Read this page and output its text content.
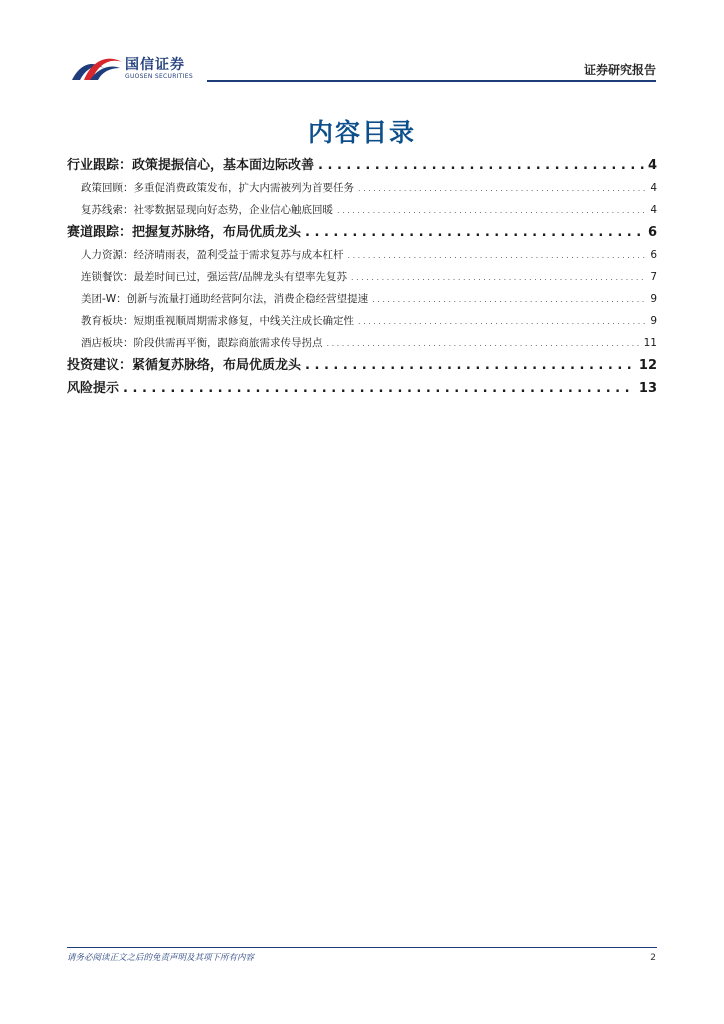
国信证券
GUOSEN SECURITIES	证券研究报告
内容目录
行业跟踪：政策提振信心，基本面边际改善 . . .	4
政策回顾：多重促消费政策发布，扩大内需被列为首要任务 . . .	4
复苏线索：社零数据显现向好态势，企业信心触底回暖 . . .	4
赛道跟踪：把握复苏脉络，布局优质龙头 . . .	6
人力资源：经济晴雨表，盈利受益于需求复苏与成本杠杆 . . .	6
连锁餐饮：最差时间已过，强运营/品牌龙头有望率先复苏 . . .	7
美团-W：创新与流量打通助经营阿尔法，消费企稳经营望提速 . . .	9
教育板块：短期重视顺周期需求修复，中线关注成长确定性 . . .	9
酒店板块：阶段供需再平衡，跟踪商旅需求传导拐点 . . .	11
投资建议：紧循复苏脉络，布局优质龙头 . . .	12
风险提示 . . .	13
请务必阅读正文之后的免责声明及其项下所有内容	2
